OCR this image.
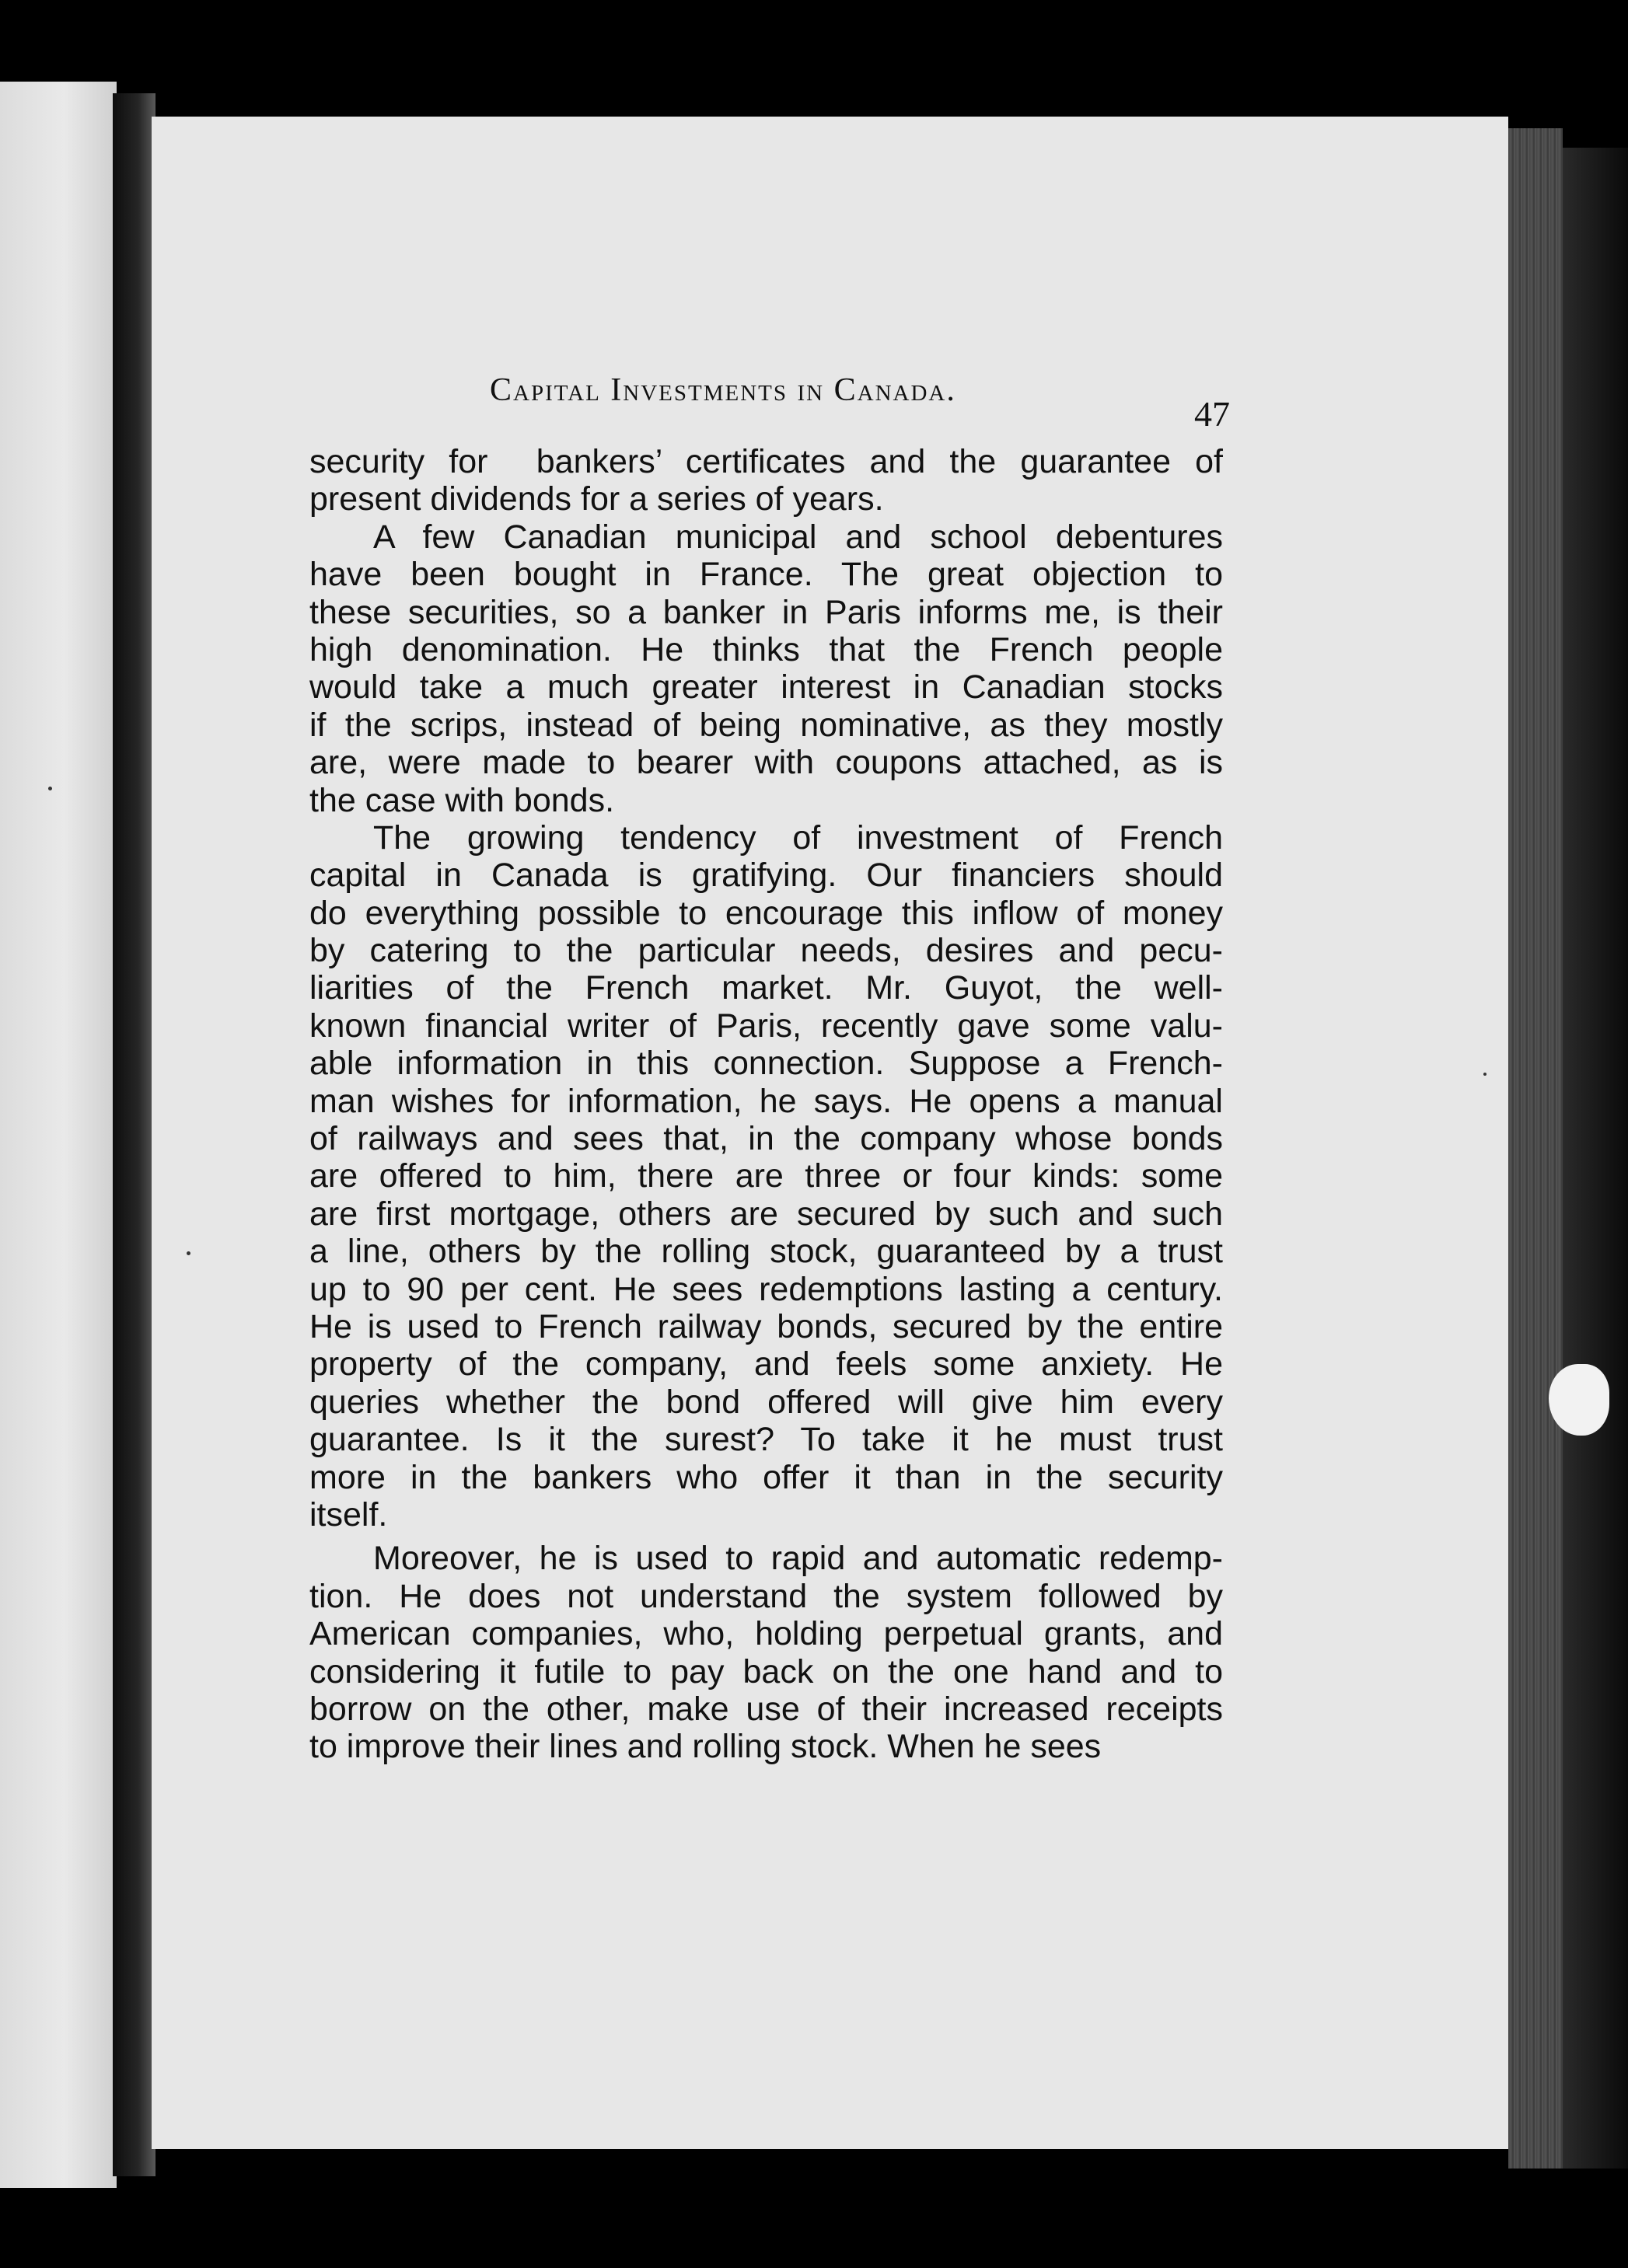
Capital Investments in Canada.
47
security for  bankers’ certificates and the guarantee of
present dividends for a series of years.
A few Canadian municipal and school debentures
have been bought in France. The great objection to
these securities, so a banker in Paris informs me, is their
high denomination. He thinks that the French people
would take a much greater interest in Canadian stocks
if the scrips, instead of being nominative, as they mostly
are, were made to bearer with coupons attached, as is
the case with bonds.
The growing tendency of investment of French
capital in Canada is gratifying. Our financiers should
do everything possible to encourage this inflow of money
by catering to the particular needs, desires and pecu-
liarities of the French market. Mr. Guyot, the well-
known financial writer of Paris, recently gave some valu-
able information in this connection. Suppose a French-
man wishes for information, he says. He opens a manual
of railways and sees that, in the company whose bonds
are offered to him, there are three or four kinds: some
are first mortgage, others are secured by such and such
a line, others by the rolling stock, guaranteed by a trust
up to 90 per cent. He sees redemptions lasting a century.
He is used to French railway bonds, secured by the entire
property of the company, and feels some anxiety. He
queries whether the bond offered will give him every
guarantee. Is it the surest? To take it he must trust
more in the bankers who offer it than in the security
itself.
Moreover, he is used to rapid and automatic redemp-
tion. He does not understand the system followed by
American companies, who, holding perpetual grants, and
considering it futile to pay back on the one hand and to
borrow on the other, make use of their increased receipts
to improve their lines and rolling stock. When he sees
